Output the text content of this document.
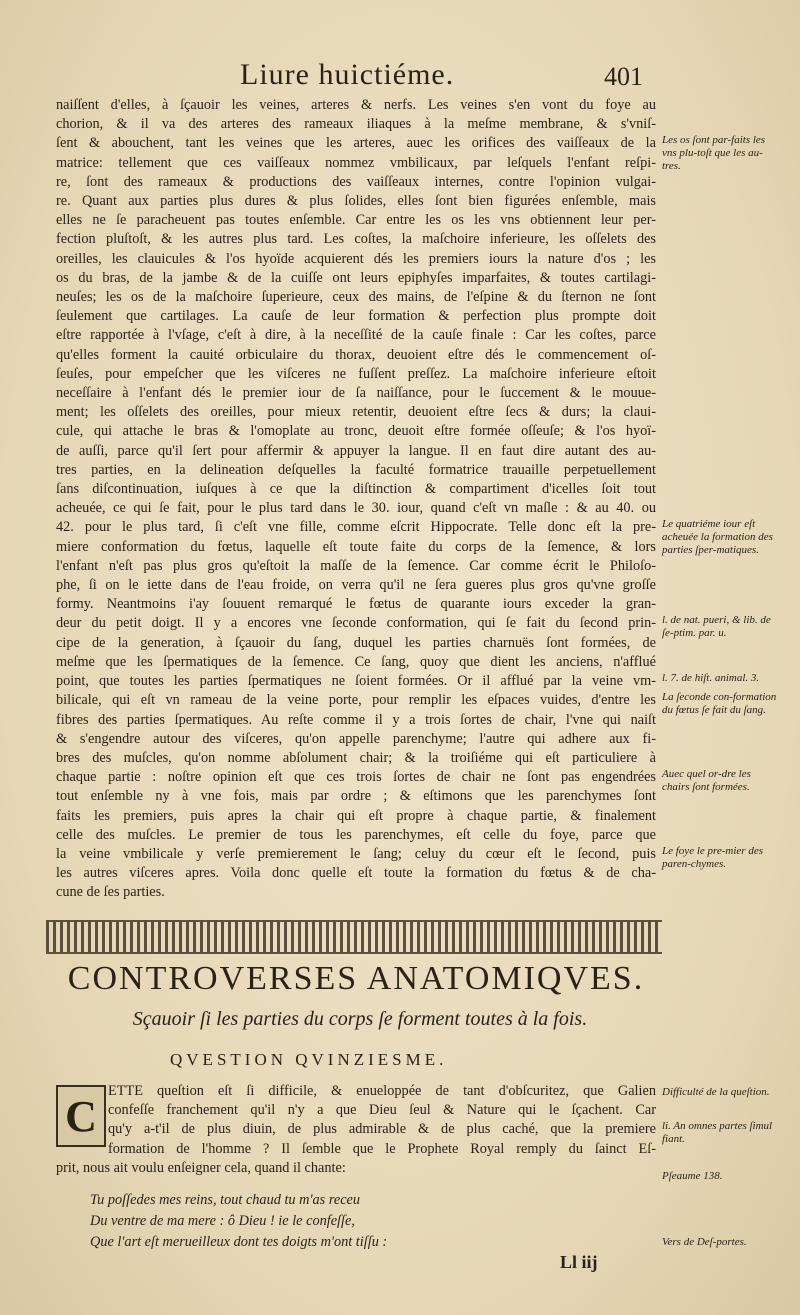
Liure huictiéme.	401

naiſſent d'elles, à ſçauoir les veines, arteres & nerfs. Les veines s'en vont du foye au

chorion, & il va des arteres des rameaux iliaques à la meſme membrane, & s'vniſ-

ſent & abouchent, tant les veines que les arteres, auec les orifices des vaiſſeaux de la

matrice: tellement que ces vaiſſeaux nommez vmbilicaux, par leſquels l'enfant reſpi-

re, ſont des rameaux & productions des vaiſſeaux internes, contre l'opinion vulgai-

re. Quant aux parties plus dures & plus ſolides, elles ſont bien figurées enſemble, mais

elles ne ſe paracheuent pas toutes enſemble. Car entre les os les vns obtiennent leur per-

fection pluſtoſt, & les autres plus tard. Les coſtes, la maſchoire inferieure, les oſſelets des

oreilles, les clauicules & l'os hyoïde acquierent dés les premiers iours la nature d'os ; les

os du bras, de la jambe & de la cuiſſe ont leurs epiphyſes imparfaites, & toutes cartilagi-

neuſes; les os de la maſchoire ſuperieure, ceux des mains, de l'eſpine & du ſternon ne ſont

ſeulement que cartilages. La cauſe de leur formation & perfection plus prompte doit

eſtre rapportée à l'vſage, c'eſt à dire, à la neceſſité de la cauſe finale : Car les coſtes, parce

qu'elles forment la cauité orbiculaire du thorax, deuoient eſtre dés le commencement oſ-

ſeuſes, pour empeſcher que les viſceres ne fuſſent preſſez. La maſchoire inferieure eſtoit

neceſſaire à l'enfant dés le premier iour de ſa naiſſance, pour le ſuccement & le mouue-

ment; les oſſelets des oreilles, pour mieux retentir, deuoient eſtre ſecs & durs; la claui-

cule, qui attache le bras & l'omoplate au tronc, deuoit eſtre formée oſſeuſe; & l'os hyoï-

de auſſi, parce qu'il ſert pour affermir & appuyer la langue. Il en faut dire autant des au-

tres parties, en la delineation deſquelles la faculté formatrice trauaille perpetuellement

ſans diſcontinuation, iuſques à ce que la diſtinction & compartiment d'icelles ſoit tout

acheuée, ce qui ſe fait, pour le plus tard dans le 30. iour, quand c'eſt vn maſle : & au 40. ou

42. pour le plus tard, ſi c'eſt vne fille, comme eſcrit Hippocrate. Telle donc eſt la pre-

miere conformation du fœtus, laquelle eſt toute faite du corps de la ſemence, & lors

l'enfant n'eſt pas plus gros qu'eſtoit la maſſe de la ſemence. Car comme écrit le Philoſo-

phe, ſi on le iette dans de l'eau froide, on verra qu'il ne ſera gueres plus gros qu'vne groſſe

formy. Neantmoins i'ay ſouuent remarqué le fœtus de quarante iours exceder la gran-

deur du petit doigt. Il y a encores vne ſeconde conformation, qui ſe fait du ſecond prin-

cipe de la generation, à ſçauoir du ſang, duquel les parties charnuës ſont formées, de

meſme que les ſpermatiques de la ſemence. Ce ſang, quoy que dient les anciens, n'afflué

point, que toutes les parties ſpermatiques ne ſoient formées. Or il afflué par la veine vm-

bilicale, qui eſt vn rameau de la veine porte, pour remplir les eſpaces vuides, d'entre les

fibres des parties ſpermatiques. Au reſte comme il y a trois ſortes de chair, l'vne qui naiſt

& s'engendre autour des viſceres, qu'on appelle parenchyme; l'autre qui adhere aux fi-

bres des muſcles, qu'on nomme abſolument chair; & la troiſiéme qui eſt particuliere à

chaque partie : noſtre opinion eſt que ces trois ſortes de chair ne ſont pas engendrées

tout enſemble ny à vne fois, mais par ordre ; & eſtimons que les parenchymes ſont

faits les premiers, puis apres la chair qui eſt propre à chaque partie, & finalement

celle des muſcles. Le premier de tous les parenchymes, eſt celle du foye, parce que

la veine vmbilicale y verſe premierement le ſang; celuy du cœur eſt le ſecond, puis

les autres viſceres apres. Voila donc quelle eſt toute la formation du fœtus & de cha-

cune de ſes parties.

Les os ſont par-faits les vns plu-toſt que les au-tres.
Le quatriéme iour eſt acheuée la formation des parties ſper-matiques.
l. de nat. pueri, & lib. de ſe-ptim. par. u.
l. 7. de hiſt. animal. 3.
La ſeconde con-formation du fœtus ſe fait du ſang.
Auec quel or-dre les chairs ſont formées.
Le foye le pre-mier des paren-chymes.
CONTROVERSES ANATOMIQVES.
Sçauoir ſi les parties du corps ſe forment toutes à la fois.
QVESTION QVINZIESME.
C
ETTE queſtion eſt ſi difficile, & enueloppée de tant d'obſcuritez, que Galien
confeſſe franchement qu'il n'y a que Dieu ſeul & Nature qui le ſçachent. Car
qu'y a-t'il de plus diuin, de plus admirable & de plus caché, que la premiere
formation de l'homme ? Il ſemble que le Prophete Royal remply du ſainct Eſ-
prit, nous ait voulu enſeigner cela, quand il chante:
Tu poſſedes mes reins, tout chaud tu m'as receu
Du ventre de ma mere : ô Dieu ! ie le confeſſe,
Que l'art eſt merueilleux dont tes doigts m'ont tiſſu :
Ll iij
Difficulté de la queſtion.
li. An omnes partes ſimul fiant.
Pſeaume 138.
Vers de Deſ-portes.
